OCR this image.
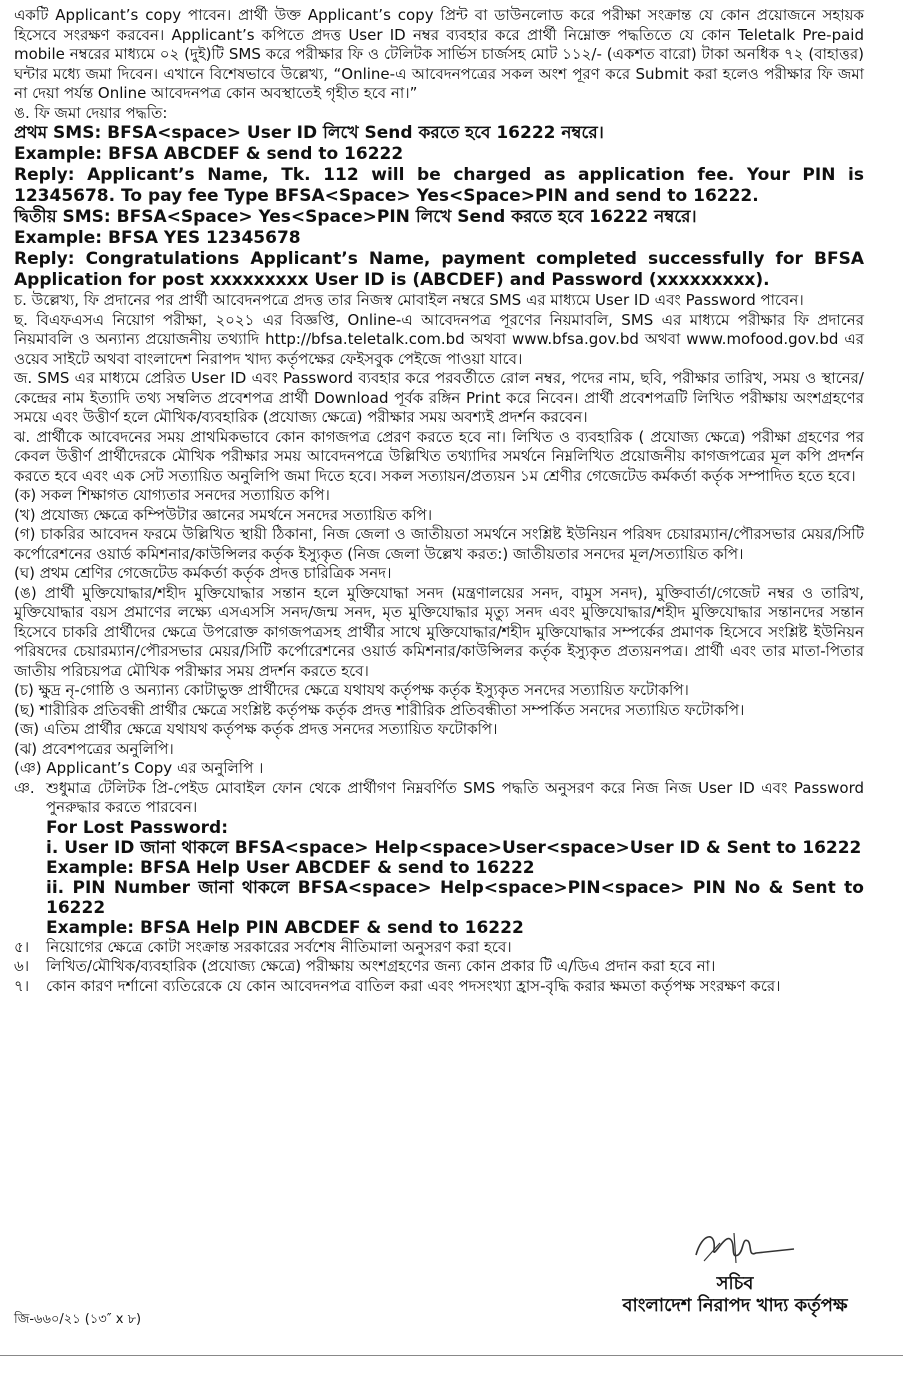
একটি Applicant’s copy পাবেন। প্রার্থী উক্ত Applicant’s copy প্রিন্ট বা ডাউনলোড করে পরীক্ষা সংক্রান্ত যে কোন প্রয়োজনে সহায়ক হিসেবে সংরক্ষণ করবেন। Applicant’s কপিতে প্রদত্ত User ID নম্বর ব্যবহার করে প্রার্থী নিম্নোক্ত পদ্ধতিতে যে কোন Teletalk Pre-paid mobile নম্বরের মাধ্যমে ০২ (দুই)টি SMS করে পরীক্ষার ফি ও টেলিটক সার্ভিস চার্জসহ মোট ১১২/- (একশত বারো) টাকা অনধিক ৭২ (বাহাত্তর) ঘন্টার মধ্যে জমা দিবেন। এখানে বিশেষভাবে উল্লেখ্য, “Online-এ আবেদনপত্রের সকল অংশ পূরণ করে Submit করা হলেও পরীক্ষার ফি জমা না দেয়া পর্যন্ত Online আবেদনপত্র কোন অবস্থাতেই গৃহীত হবে না।”

ঙ. ফি জমা দেয়ার পদ্ধতি:

প্রথম SMS: BFSA<space> User ID লিখে Send করতে হবে 16222 নম্বরে।

Example: BFSA ABCDEF & send to 16222

Reply: Applicant’s Name, Tk. 112 will be charged as application fee. Your PIN is 12345678. To pay fee Type BFSA<Space> Yes<Space>PIN and send to 16222.

দ্বিতীয় SMS: BFSA<Space> Yes<Space>PIN লিখে Send করতে হবে 16222 নম্বরে।

Example: BFSA YES 12345678

Reply: Congratulations Applicant’s Name, payment completed successfully for BFSA Application for post xxxxxxxxx User ID is (ABCDEF) and Password (xxxxxxxxx).

চ. উল্লেখ্য, ফি প্রদানের পর প্রার্থী আবেদনপত্রে প্রদত্ত তার নিজস্ব মোবাইল নম্বরে SMS এর মাধ্যমে User ID এবং Password পাবেন।

ছ. বিএফএসএ নিয়োগ পরীক্ষা, ২০২১ এর বিজ্ঞপ্তি, Online-এ আবেদনপত্র পূরণের নিয়মাবলি, SMS এর মাধ্যমে পরীক্ষার ফি প্রদানের নিয়মাবলি ও অন্যান্য প্রয়োজনীয় তথ্যাদি http://bfsa.teletalk.com.bd অথবা www.bfsa.gov.bd অথবা www.mofood.gov.bd এর ওয়েব সাইটে অথবা বাংলাদেশ নিরাপদ খাদ্য কর্তৃপক্ষের ফেইসবুক পেইজে পাওয়া যাবে।

জ. SMS এর মাধ্যমে প্রেরিত User ID এবং Password ব্যবহার করে পরবর্তীতে রোল নম্বর, পদের নাম, ছবি, পরীক্ষার তারিখ, সময় ও স্থানের/কেন্দ্রের নাম ইত্যাদি তথ্য সম্বলিত প্রবেশপত্র প্রার্থী Download পূর্বক রঙ্গিন Print করে নিবেন। প্রার্থী প্রবেশপত্রটি লিখিত পরীক্ষায় অংশগ্রহণের সময়ে এবং উত্তীর্ণ হলে মৌখিক/ব্যবহারিক (প্রযোজ্য ক্ষেত্রে) পরীক্ষার সময় অবশ্যই প্রদর্শন করবেন।

ঝ. প্রার্থীকে আবেদনের সময় প্রাথমিকভাবে কোন কাগজপত্র প্রেরণ করতে হবে না। লিখিত ও ব্যবহারিক ( প্রযোজ্য ক্ষেত্রে) পরীক্ষা গ্রহণের পর কেবল উত্তীর্ণ প্রার্থীদেরকে মৌখিক পরীক্ষার সময় আবেদনপত্রে উল্লিখিত তথ্যাদির সমর্থনে নিম্নলিখিত প্রয়োজনীয় কাগজপত্রের মূল কপি প্রদর্শন করতে হবে এবং এক সেট সত্যায়িত অনুলিপি জমা দিতে হবে। সকল সত্যায়ন/প্রত্যয়ন ১ম শ্রেণীর গেজেটেড কর্মকর্তা কর্তৃক সম্পাদিত হতে হবে।

(ক) সকল শিক্ষাগত যোগ্যতার সনদের সত্যায়িত কপি।

(খ) প্রযোজ্য ক্ষেত্রে কম্পিউটার জ্ঞানের সমর্থনে সনদের সত্যায়িত কপি।

(গ) চাকরির আবেদন ফরমে উল্লিখিত স্থায়ী ঠিকানা, নিজ জেলা ও জাতীয়তা সমর্থনে সংশ্লিষ্ট ইউনিয়ন পরিষদ চেয়ারম্যান/পৌরসভার মেয়র/সিটি কর্পোরেশনের ওয়ার্ড কমিশনার/কাউন্সিলর কর্তৃক ইস্যুকৃত (নিজ জেলা উল্লেখ করত:) জাতীয়তার সনদের মূল/সত্যায়িত কপি।

(ঘ) প্রথম শ্রেণির গেজেটেড কর্মকর্তা কর্তৃক প্রদত্ত চারিত্রিক সনদ।

(ঙ) প্রার্থী মুক্তিযোদ্ধার/শহীদ মুক্তিযোদ্ধার সন্তান হলে মুক্তিযোদ্ধা সনদ (মন্ত্রণালয়ের সনদ, বামুস সনদ), মুক্তিবার্তা/গেজেট নম্বর ও তারিখ, মুক্তিযোদ্ধার বয়স প্রমাণের লক্ষ্যে এসএসসি সনদ/জন্ম সনদ, মৃত মুক্তিযোদ্ধার মৃত্যু সনদ এবং মুক্তিযোদ্ধার/শহীদ মুক্তিযোদ্ধার সন্তানদের সন্তান হিসেবে চাকরি প্রার্থীদের ক্ষেত্রে উপরোক্ত কাগজপত্রসহ প্রার্থীর সাথে মুক্তিযোদ্ধার/শহীদ মুক্তিযোদ্ধার সম্পর্কের প্রমাণক হিসেবে সংশ্লিষ্ট ইউনিয়ন পরিষদের চেয়ারম্যান/পৌরসভার মেয়র/সিটি কর্পোরেশনের ওয়ার্ড কমিশনার/কাউন্সিলর কর্তৃক ইস্যুকৃত প্রত্যয়নপত্র। প্রার্থী এবং তার মাতা-পিতার জাতীয় পরিচয়পত্র মৌখিক পরীক্ষার সময় প্রদর্শন করতে হবে।

(চ) ক্ষুদ্র নৃ-গোষ্ঠি ও অন্যান্য কোটাভুক্ত প্রার্থীদের ক্ষেত্রে যথাযথ কর্তৃপক্ষ কর্তৃক ইস্যুকৃত সনদের সত্যায়িত ফটোকপি।

(ছ) শারীরিক প্রতিবন্ধী প্রার্থীর ক্ষেত্রে সংশ্লিষ্ট কর্তৃপক্ষ কর্তৃক প্রদত্ত শারীরিক প্রতিবন্ধীতা সম্পর্কিত সনদের সত্যায়িত ফটোকপি।

(জ) এতিম প্রার্থীর ক্ষেত্রে যথাযথ কর্তৃপক্ষ কর্তৃক প্রদত্ত সনদের সত্যায়িত ফটোকপি।

(ঝ) প্রবেশপত্রের অনুলিপি।

(ঞ) Applicant’s Copy এর অনুলিপি ।

ঞ. শুধুমাত্র টেলিটক প্রি-পেইড মোবাইল ফোন থেকে প্রার্থীগণ নিম্নবর্ণিত SMS পদ্ধতি অনুসরণ করে নিজ নিজ User ID এবং Password পুনরুদ্ধার করতে পারবেন।

For Lost Password:

i. User ID জানা থাকলে BFSA<space> Help<space>User<space>User ID & Sent to 16222

Example: BFSA Help User ABCDEF & send to 16222

ii. PIN Number জানা থাকলে BFSA<space> Help<space>PIN<space> PIN No & Sent to 16222

Example: BFSA Help PIN ABCDEF & send to 16222

৫।	নিয়োগের ক্ষেত্রে কোটা সংক্রান্ত সরকারের সর্বশেষ নীতিমালা অনুসরণ করা হবে।
৬।	লিখিত/মৌখিক/ব্যবহারিক (প্রযোজ্য ক্ষেত্রে) পরীক্ষায় অংশগ্রহণের জন্য কোন প্রকার টি এ/ডিএ প্রদান করা হবে না।
৭।	কোন কারণ দর্শানো ব্যতিরেকে যে কোন আবেদনপত্র বাতিল করা এবং পদসংখ্যা হ্রাস-বৃদ্ধি করার ক্ষমতা কর্তৃপক্ষ সংরক্ষণ করে।

সচিব

বাংলাদেশ নিরাপদ খাদ্য কর্তৃপক্ষ

জি-৬৬০/২১ (১৩″ x ৮)
